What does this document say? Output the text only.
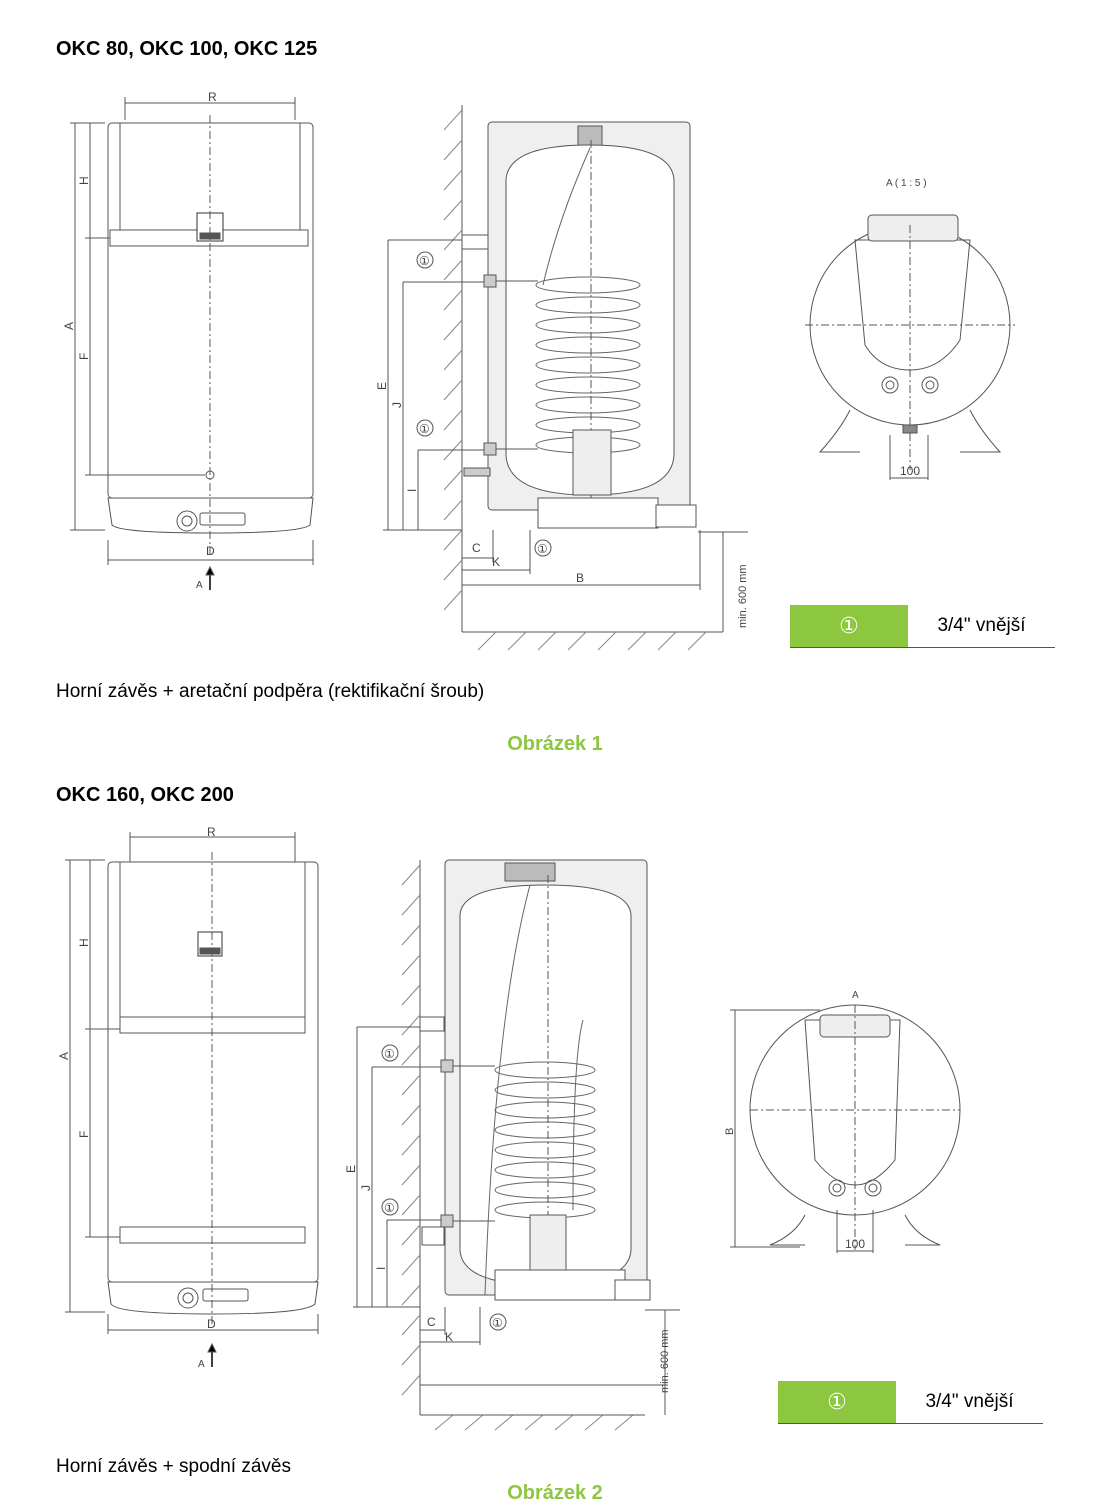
OKC 80, OKC 100, OKC 125
R
H
A
F
D
A
E
J
I
C
K
B	min. 600 mm
①
①
①
A ( 1 : 5 )
100
①	3/4" vnější
Horní závěs + aretační podpěra (rektifikační šroub)
Obrázek 1
OKC 160, OKC 200
R
H
A
F
D
A
E
J
I
C
K	min. 600 mm
①
①
①
A
B
100
①	3/4" vnější
Horní závěs + spodní závěs
Obrázek 2
